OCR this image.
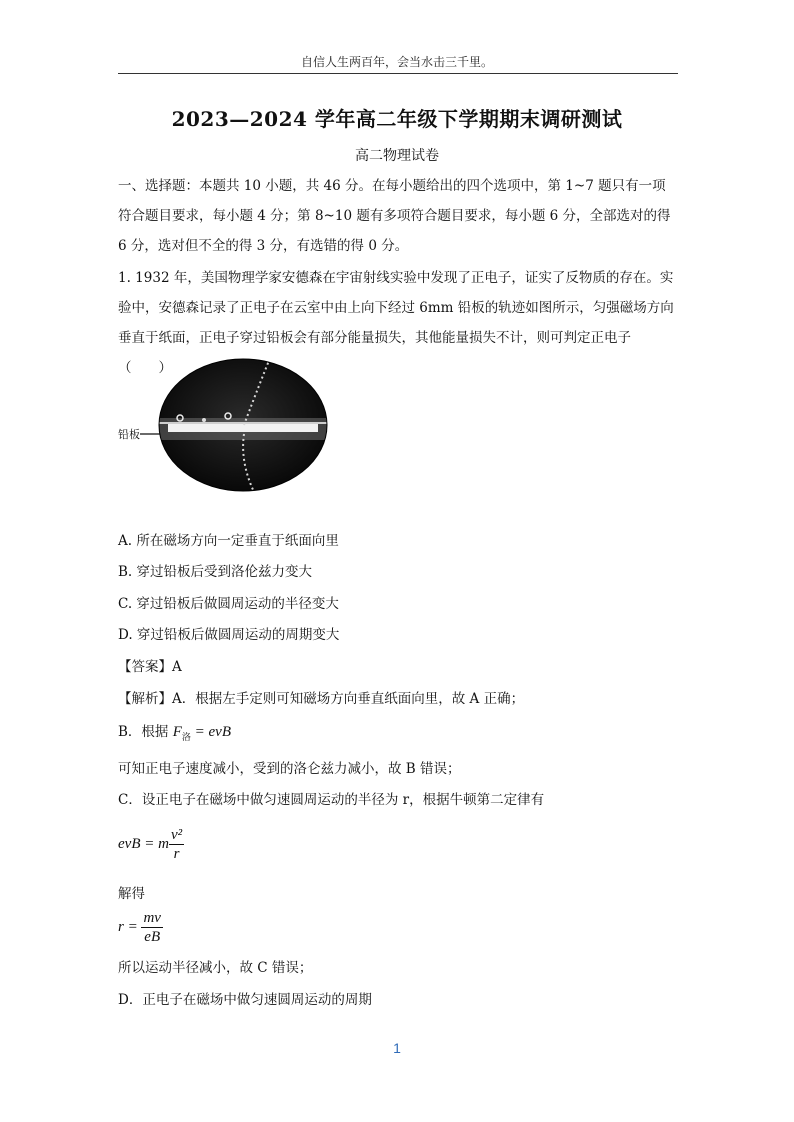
自信人生两百年，会当水击三千里。
2023—2024 学年高二年级下学期期末调研测试
高二物理试卷

一、选择题：本题共 10 小题，共 46 分。在每小题给出的四个选项中，第 1~7 题只有一项符合题目要求，每小题 4 分；第 8~10 题有多项符合题目要求，每小题 6 分，全部选对的得 6 分，选对但不全的得 3 分，有选错的得 0 分。

1. 1932 年，美国物理学家安德森在宇宙射线实验中发现了正电子，证实了反物质的存在。实验中，安德森记录了正电子在云室中由上向下经过 6mm 铅板的轨迹如图所示，匀强磁场方向垂直于纸面，正电子穿过铅板会有部分能量损失，其他能量损失不计，则可判定正电子（　　）

铅板
A. 所在磁场方向一定垂直于纸面向里
B. 穿过铅板后受到洛伦兹力变大
C. 穿过铅板后做圆周运动的半径变大
D. 穿过铅板后做圆周运动的周期变大
【答案】A
【解析】A．根据左手定则可知磁场方向垂直纸面向里，故 A 正确；
B．根据 $F_洛$ = evB
可知正电子速度减小，受到的洛仑兹力减小，故 B 错误；
C．设正电子在磁场中做匀速圆周运动的半径为 r，根据牛顿第二定律有
evB = m $\frac{\text{v²}}{r}$
解得
$r = \frac{mv}{eB}$
所以运动半径减小，故 C 错误；
D．正电子在磁场中做匀速圆周运动的周期
1
